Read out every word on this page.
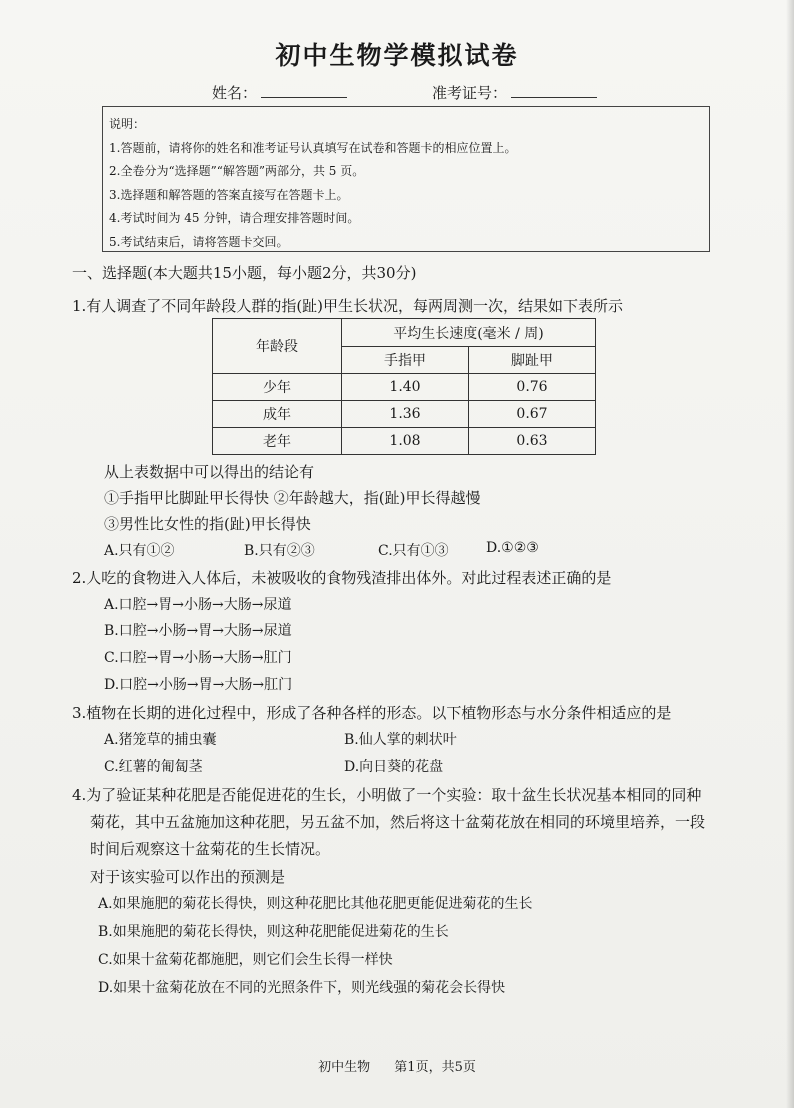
初中生物学模拟试卷
姓名：	准考证号：
说明：
1.答题前，请将你的姓名和准考证号认真填写在试卷和答题卡的相应位置上。
2.全卷分为“选择题”“解答题”两部分，共 5 页。
3.选择题和解答题的答案直接写在答题卡上。
4.考试时间为 45 分钟，请合理安排答题时间。
5.考试结束后，请将答题卡交回。
一、选择题(本大题共15小题，每小题2分，共30分)
1.有人调查了不同年龄段人群的指(趾)甲生长状况，每两周测一次，结果如下表所示
年龄段	平均生长速度(毫米 / 周)	
	手指甲	脚趾甲
少年	1.40	0.76
成年	1.36	0.67
老年	1.08	0.63
从上表数据中可以得出的结论有
①手指甲比脚趾甲长得快 ②年龄越大，指(趾)甲长得越慢
③男性比女性的指(趾)甲长得快
A.只有①②	B.只有②③	C.只有①③	D.①②③
2.人吃的食物进入人体后，未被吸收的食物残渣排出体外。对此过程表述正确的是
A.口腔→胃→小肠→大肠→尿道
B.口腔→小肠→胃→大肠→尿道
C.口腔→胃→小肠→大肠→肛门
D.口腔→小肠→胃→大肠→肛门
3.植物在长期的进化过程中，形成了各种各样的形态。以下植物形态与水分条件相适应的是
A.猪笼草的捕虫囊	B.仙人掌的刺状叶
C.红薯的匍匐茎	D.向日葵的花盘
4.为了验证某种花肥是否能促进花的生长，小明做了一个实验：取十盆生长状况基本相同的同种
菊花，其中五盆施加这种花肥，另五盆不加，然后将这十盆菊花放在相同的环境里培养，一段
时间后观察这十盆菊花的生长情况。
对于该实验可以作出的预测是
A.如果施肥的菊花长得快，则这种花肥比其他花肥更能促进菊花的生长
B.如果施肥的菊花长得快，则这种花肥能促进菊花的生长
C.如果十盆菊花都施肥，则它们会生长得一样快
D.如果十盆菊花放在不同的光照条件下，则光线强的菊花会长得快
初中生物 第1页，共5页
